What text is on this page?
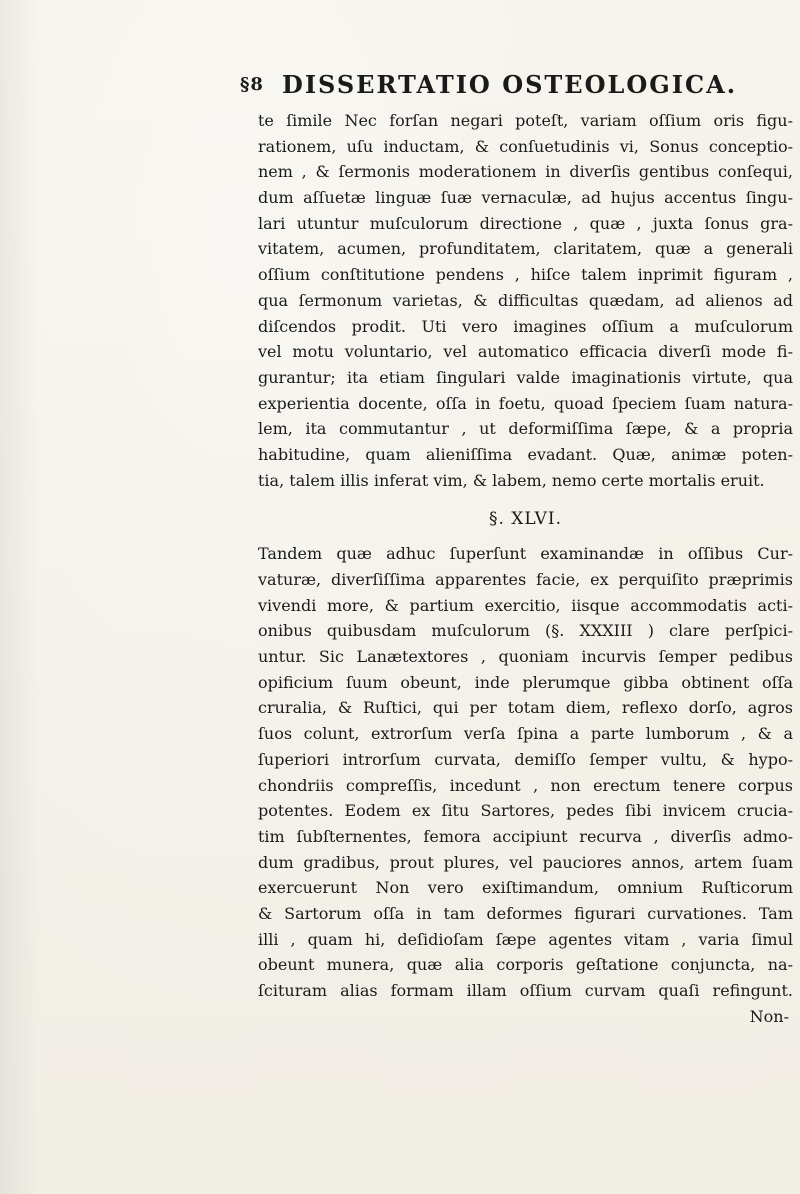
§8 DISSERTATIO OSTEOLOGICA.
te ſimile Nec forſan negari poteſt, variam oſſium oris figu-
rationem, uſu inductam, & conſuetudinis vi, Sonus conceptio-
nem , & ſermonis moderationem in diverſis gentibus conſequi,
dum aſſuetæ linguæ ſuæ vernaculæ, ad hujus accentus ſingu-
lari utuntur muſculorum directione , quæ , juxta ſonus gra-
vitatem, acumen, profunditatem, claritatem, quæ a generali
oſſium conſtitutione pendens , hiſce talem inprimit figuram ,
qua ſermonum varietas, & difficultas quædam, ad alienos ad
diſcendos prodit. Uti vero imagines oſſium a muſculorum
vel motu voluntario, vel automatico efficacia diverſi mode fi-
gurantur; ita etiam ſingulari valde imaginationis virtute, qua
experientia docente, oſſa in foetu, quoad ſpeciem ſuam natura-
lem, ita commutantur , ut deformiſſima ſæpe, & a propria
habitudine, quam alieniſſima evadant. Quæ, animæ poten-
tia, talem illis inferat vim, & labem, nemo certe mortalis eruit.
§. XLVI.
Tandem quæ adhuc ſuperſunt examinandæ in oſſibus Cur-
vaturæ, diverſiſſima apparentes facie, ex perquiſito præprimis
vivendi more, & partium exercitio, iisque accommodatis acti-
onibus quibusdam muſculorum (§. XXXIII ) clare perſpici-
untur. Sic Lanætextores , quoniam incurvis ſemper pedibus
opificium ſuum obeunt, inde plerumque gibba obtinent oſſa
cruralia, & Ruſtici, qui per totam diem, reflexo dorſo, agros
ſuos colunt, extrorſum verſa ſpina a parte lumborum , & a
ſuperiori introrſum curvata, demiſſo ſemper vultu, & hypo-
chondriis compreſſis, incedunt , non erectum tenere corpus
potentes. Eodem ex ſitu Sartores, pedes ſibi invicem crucia-
tim ſubſternentes, femora accipiunt recurva , diverſis admo-
dum gradibus, prout plures, vel pauciores annos, artem ſuam
exercuerunt Non vero exiſtimandum, omnium Ruſticorum
& Sartorum oſſa in tam deformes figurari curvationes. Tam
illi , quam hi, deſidioſam ſæpe agentes vitam , varia ſimul
obeunt munera, quæ alia corporis geſtatione conjuncta, na-
ſcituram alias formam illam oſſium curvam quaſi refingunt.
Non-
